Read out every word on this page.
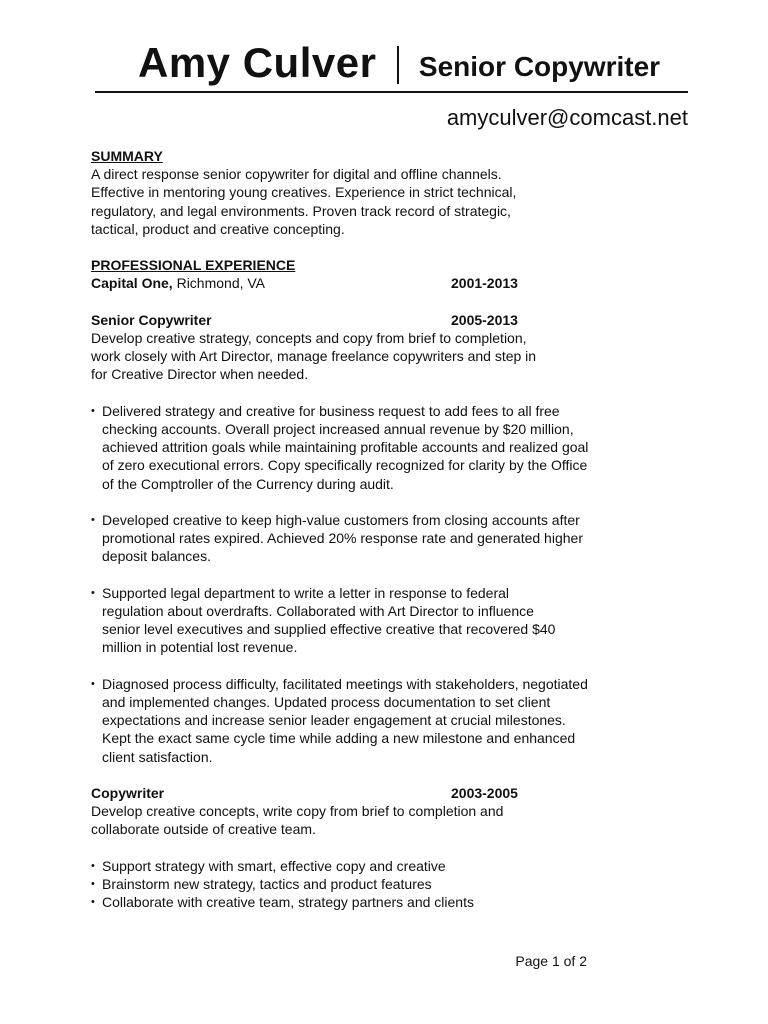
Amy Culver Senior Copywriter
amyculver@comcast.net
SUMMARY
A direct response senior copywriter for digital and offline channels.
Effective in mentoring young creatives. Experience in strict technical,
regulatory, and legal environments. Proven track record of strategic,
tactical, product and creative concepting.
PROFESSIONAL EXPERIENCE
Capital One, Richmond, VA	2001-2013
Senior Copywriter	2005-2013
Develop creative strategy, concepts and copy from brief to completion,
work closely with Art Director, manage freelance copywriters and step in
for Creative Director when needed.
• Delivered strategy and creative for business request to add fees to all free checking accounts. Overall project increased annual revenue by $20 million, achieved attrition goals while maintaining profitable accounts and realized goal of zero executional errors. Copy specifically recognized for clarity by the Office of the Comptroller of the Currency during audit.
• Developed creative to keep high-value customers from closing accounts after promotional rates expired. Achieved 20% response rate and generated higher deposit balances.
• Supported legal department to write a letter in response to federal regulation about overdrafts. Collaborated with Art Director to influence senior level executives and supplied effective creative that recovered $40 million in potential lost revenue.
• Diagnosed process difficulty, facilitated meetings with stakeholders, negotiated and implemented changes. Updated process documentation to set client expectations and increase senior leader engagement at crucial milestones. Kept the exact same cycle time while adding a new milestone and enhanced client satisfaction.
Copywriter	2003-2005
Develop creative concepts, write copy from brief to completion and
collaborate outside of creative team.
• Support strategy with smart, effective copy and creative
• Brainstorm new strategy, tactics and product features
• Collaborate with creative team, strategy partners and clients
Page 1 of 2
